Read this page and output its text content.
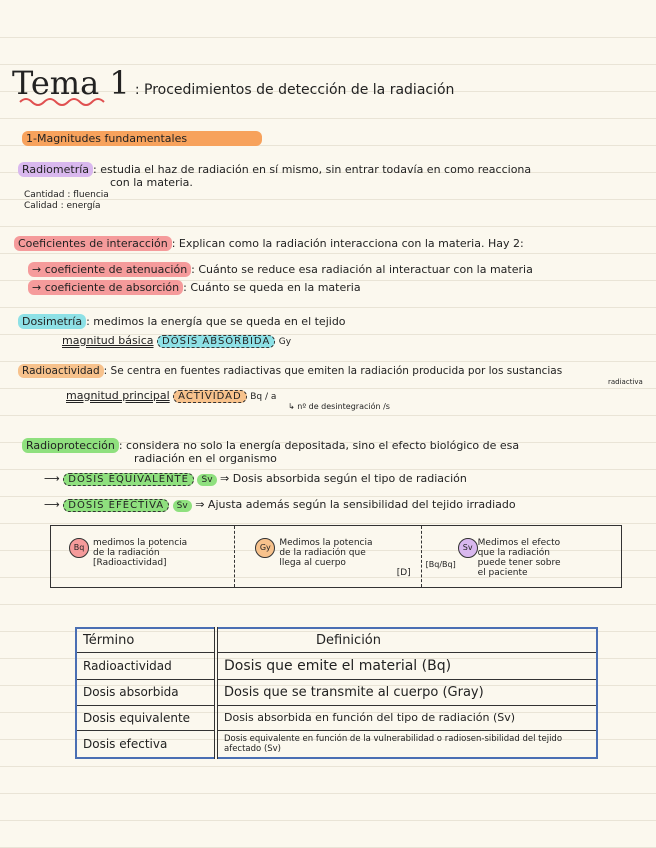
Tema 1 : Procedimientos de detección de la radiación
1-Magnitudes fundamentales
Radiometría : estudia el haz de radiación en sí mismo, sin entrar todavía en como reacciona
con la materia.
Cantidad : fluencia
Calidad : energía
Coeficientes de interacción : Explican como la radiación interacciona con la materia. Hay 2:
→ coeficiente de atenuación : Cuánto se reduce esa radiación al interactuar con la materia
→ coeficiente de absorción : Cuánto se queda en la materia
Dosimetría : medimos la energía que se queda en el tejido
magnitud básica DOSIS ABSORBIDA Gy
Radioactividad : Se centra en fuentes radiactivas que emiten la radiación producida por los sustancias
radiactiva
magnitud principal ACTIVIDAD Bq / a
↳ nº de desintegración /s
Radioprotección : considera no solo la energía depositada, sino el efecto biológico de esa
radiación en el organismo
⟶ DOSIS EQUIVALENTE Sv ⇒ Dosis absorbida según el tipo de radiación
⟶ DOSIS EFECTIVA Sv ⇒ Ajusta además según la sensibilidad del tejido irradiado
Bq medimos la potencia
de la radiación
[Radioactividad]
Gy Medimos la potencia
de la radiación que
llega al cuerpo
[D]
[Bq/Bq]
Sv Medimos el efecto
que la radiación
puede tener sobre
el paciente
Término	Definición
Radioactividad	Dosis que emite el material (Bq)
Dosis absorbida	Dosis que se transmite al cuerpo (Gray)
Dosis equivalente	Dosis absorbida en función del tipo de radiación (Sv)
Dosis efectiva	Dosis equivalente en función de la vulnerabilidad o radiosen-sibilidad del tejido afectado (Sv)
